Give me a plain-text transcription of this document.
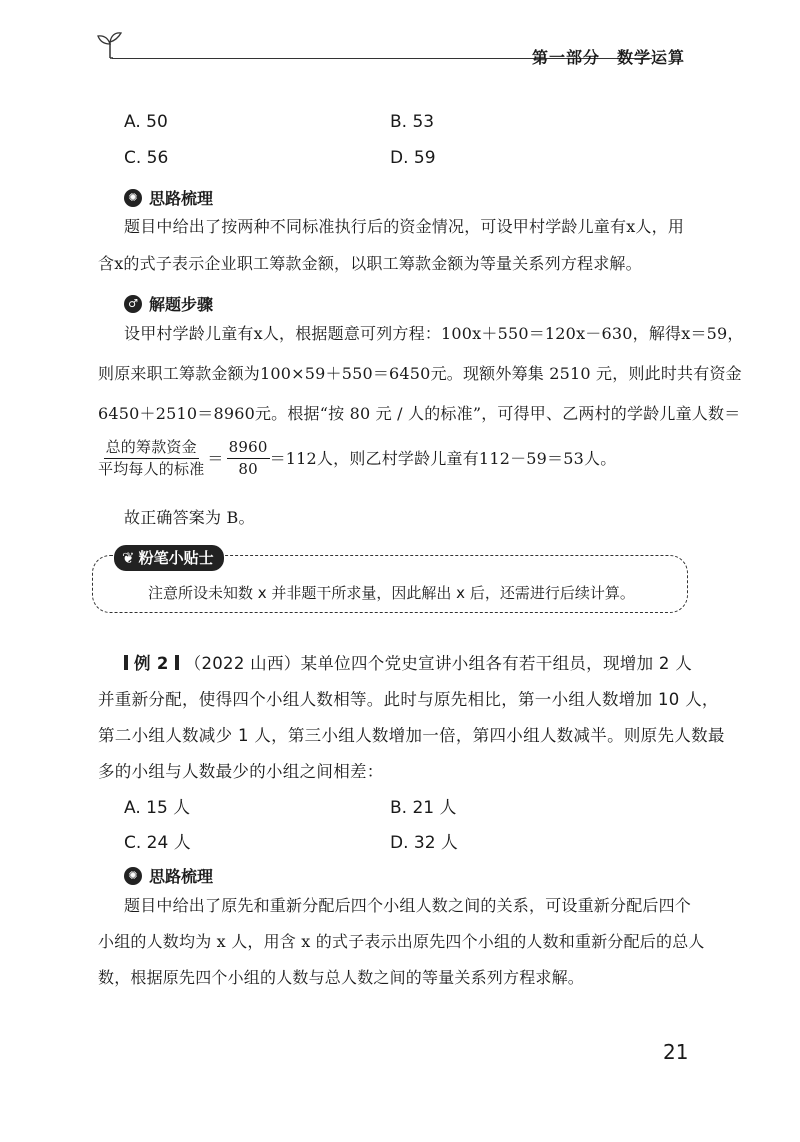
第一部分　数学运算
A. 50	B. 53
C. 56	D. 59
✺ 思路梳理
题目中给出了按两种不同标准执行后的资金情况，可设甲村学龄儿童有x人，用
含x的式子表示企业职工筹款金额，以职工筹款金额为等量关系列方程求解。
♂ 解题步骤
设甲村学龄儿童有x人，根据题意可列方程：100x＋550＝120x－630，解得x＝59，
则原来职工筹款金额为100×59＋550＝6450元。现额外筹集 2510 元，则此时共有资金
6450＋2510＝8960元。根据“按 80 元 / 人的标准”，可得甲、乙两村的学龄儿童人数＝
$\frac{\text{总的筹款资金}}{\text{平均每人的标准}} = \frac{8960}{80} =112$人，则乙村学龄儿童有112－59＝53人。
故正确答案为 B。
❦ 粉笔小贴士
注意所设未知数 x 并非题干所求量，因此解出 x 后，还需进行后续计算。
例 2 （2022 山西）某单位四个党史宣讲小组各有若干组员，现增加 2 人
并重新分配，使得四个小组人数相等。此时与原先相比，第一小组人数增加 10 人，
第二小组人数减少 1 人，第三小组人数增加一倍，第四小组人数减半。则原先人数最
多的小组与人数最少的小组之间相差：
A. 15 人	B. 21 人
C. 24 人	D. 32 人
✺ 思路梳理
题目中给出了原先和重新分配后四个小组人数之间的关系，可设重新分配后四个
小组的人数均为 x 人，用含 x 的式子表示出原先四个小组的人数和重新分配后的总人
数，根据原先四个小组的人数与总人数之间的等量关系列方程求解。
21
